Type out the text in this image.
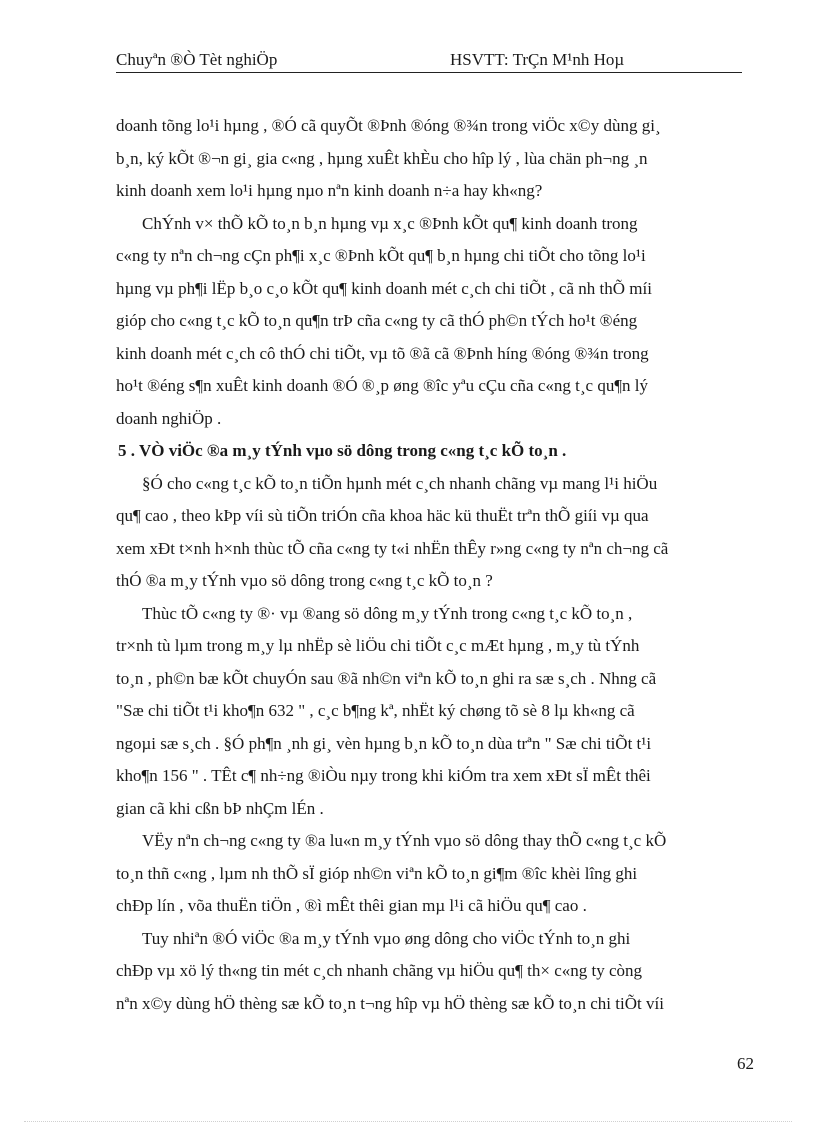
Chuyªn ®Ò Tèt nghiÖp	HSVTT: TrÇn M¹nh Hoµ
doanh tõng lo¹i hµng , ®Ó cã quyÕt ®Þnh ®óng ®¾n trong viÖc x©y dùng gi¸
b¸n, ký kÕt ®¬n gi¸ gia c«ng , hµng xuÊt khÈu cho hîp lý , lùa chän ph¬ng ¸n
kinh doanh xem lo¹i hµng nµo nªn kinh doanh n÷a hay kh«ng?
ChÝnh v× thÕ kÕ to¸n b¸n hµng vµ x¸c ®Þnh kÕt qu¶ kinh doanh trong
c«ng ty nªn ch¬ng cÇn ph¶i x¸c ®Þnh kÕt qu¶ b¸n hµng chi tiÕt cho tõng lo¹i
hµng vµ ph¶i lËp b¸o c¸o kÕt qu¶ kinh doanh mét c¸ch chi tiÕt , cã nh thÕ míi
gióp cho c«ng t¸c kÕ to¸n qu¶n trÞ cña c«ng ty cã thÓ ph©n tÝch ho¹t ®éng
kinh doanh mét c¸ch cô thÓ chi tiÕt, vµ tõ ®ã cã ®Þnh híng ®óng ®¾n trong
ho¹t ®éng s¶n xuÊt kinh doanh ®Ó ®¸p øng ®îc yªu cÇu cña c«ng t¸c qu¶n lý
doanh nghiÖp .
5 . VÒ viÖc ®a m¸y tÝnh vµo sö dông trong c«ng t¸c kÕ to¸n .
§Ó cho c«ng t¸c kÕ to¸n tiÕn hµnh mét c¸ch nhanh chãng vµ mang l¹i hiÖu
qu¶ cao , theo kÞp víi sù tiÕn triÓn cña khoa häc kü thuËt trªn thÕ giíi vµ qua
xem xÐt t×nh h×nh thùc tÕ cña c«ng ty t«i nhËn thÊy r»ng c«ng ty nªn ch¬ng cã
thÓ ®a m¸y tÝnh vµo sö dông trong c«ng t¸c kÕ to¸n ?
Thùc tÕ c«ng ty ®· vµ ®ang sö dông m¸y tÝnh trong c«ng t¸c kÕ to¸n ,
tr×nh tù lµm trong m¸y lµ nhËp sè liÖu chi tiÕt c¸c mÆt hµng , m¸y tù tÝnh
to¸n , ph©n bæ kÕt chuyÓn sau ®ã nh©n viªn kÕ to¸n ghi ra sæ s¸ch . Nhng cã
"Sæ chi tiÕt t¹i kho¶n 632 " , c¸c b¶ng kª, nhËt ký chøng tõ sè 8 lµ kh«ng cã
ngoµi sæ s¸ch . §Ó ph¶n ¸nh gi¸ vèn hµng b¸n kÕ to¸n dùa trªn " Sæ chi tiÕt t¹i
kho¶n 156 " . TÊt c¶ nh÷ng ®iÒu nµy trong khi kiÓm tra xem xÐt sÏ mÊt thêi
gian cã khi cßn bÞ nhÇm lÉn .
VËy nªn ch¬ng c«ng ty ®a lu«n m¸y tÝnh vµo sö dông thay thÕ c«ng t¸c kÕ
to¸n thñ c«ng , lµm nh thÕ sÏ gióp nh©n viªn kÕ to¸n gi¶m ®îc khèi lîng ghi
chÐp lín , võa thuËn tiÖn , ®ì mÊt thêi gian mµ l¹i cã hiÖu qu¶ cao .
Tuy nhiªn ®Ó viÖc ®a m¸y tÝnh vµo øng dông cho viÖc tÝnh to¸n ghi
chÐp vµ xö lý th«ng tin mét c¸ch nhanh chãng vµ hiÖu qu¶ th× c«ng ty còng
nªn x©y dùng hÖ thèng sæ kÕ to¸n t¬ng hîp vµ hÖ thèng sæ kÕ to¸n chi tiÕt víi
62
